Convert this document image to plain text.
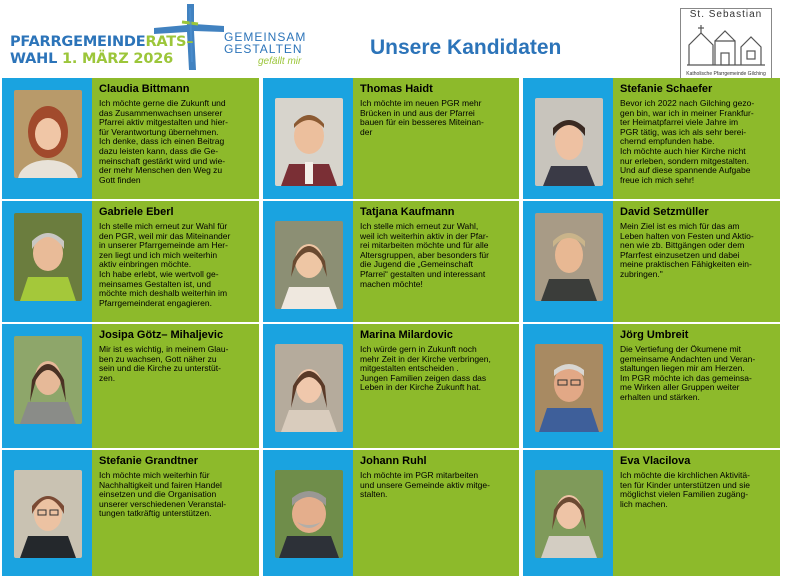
PFARRGEMEINDERATS–
WAHL 1. MÄRZ 2026
GEMEINSAM
GESTALTEN
gefällt mir
Unsere Kandidaten
St. Sebastian
Katholische Pfarrgemeinde Gilching
Claudia Bittmann
Ich möchte gerne die Zukunft und
das Zusammenwachsen unserer
Pfarrei aktiv mitgestalten und hier-
für Verantwortung übernehmen.
Ich denke, dass ich einen Beitrag
dazu leisten kann, dass die Ge-
meinschaft gestärkt wird und wie-
der mehr Menschen den Weg zu
Gott finden
Thomas Haidt
Ich möchte im neuen PGR mehr
Brücken in und aus der Pfarrei
bauen für ein besseres Miteinan-
der
Stefanie Schaefer
Bevor ich 2022 nach Gilching gezo-
gen bin, war ich in meiner Frankfur-
ter Heimatpfarrei viele Jahre im
PGR tätig, was ich als sehr berei-
chernd empfunden habe.
Ich möchte auch hier Kirche nicht
nur erleben, sondern mitgestalten.
Und auf diese spannende Aufgabe
freue ich mich sehr!
Gabriele Eberl
Ich stelle mich erneut zur Wahl für
den PGR, weil mir das Miteinander
in unserer Pfarrgemeinde am Her-
zen liegt und ich mich weiterhin
aktiv einbringen möchte.
Ich habe erlebt, wie wertvoll ge-
meinsames Gestalten ist, und
möchte mich deshalb weiterhin im
Pfarrgemeinderat engagieren.
Tatjana Kaufmann
Ich stelle mich erneut zur Wahl,
weil ich weiterhin aktiv in der Pfar-
rei mitarbeiten möchte und für alle
Altersgruppen, aber besonders für
die Jugend die „Gemeinschaft
Pfarrei“ gestalten und interessant
machen möchte!
David Setzmüller
Mein Ziel ist es mich für das am
Leben halten von Festen und Aktio-
nen wie zb. Bittgängen oder dem
Pfarrfest einzusetzen und dabei
meine praktischen Fähigkeiten ein-
zubringen."
Josipa Götz– Mihaljevic
Mir ist es wichtig, in meinem Glau-
ben zu wachsen, Gott näher zu
sein und die Kirche zu unterstüt-
zen.
Marina Milardovic
Ich würde gern in Zukunft noch
mehr Zeit in der Kirche verbringen,
mitgestalten entscheiden .
Jungen Familien zeigen dass das
Leben in der Kirche Zukunft hat.
Jörg Umbreit
Die Vertiefung der Ökumene mit
gemeinsame Andachten und Veran-
staltungen liegen mir am Herzen.
Im PGR möchte ich das gemeinsa-
me Wirken aller Gruppen weiter
erhalten und stärken.
Stefanie Grandtner
Ich möchte mich weiterhin für
Nachhaltigkeit und fairen Handel
einsetzen und die Organisation
unserer verschiedenen Veranstal-
tungen tatkräftig unterstützen.
Johann Ruhl
Ich möchte im PGR mitarbeiten
und unsere Gemeinde aktiv mitge-
stalten.
Eva Vlacilova
Ich möchte die kirchlichen Aktivitä-
ten für Kinder unterstützen und sie
möglichst vielen Familien zugäng-
lich machen.
